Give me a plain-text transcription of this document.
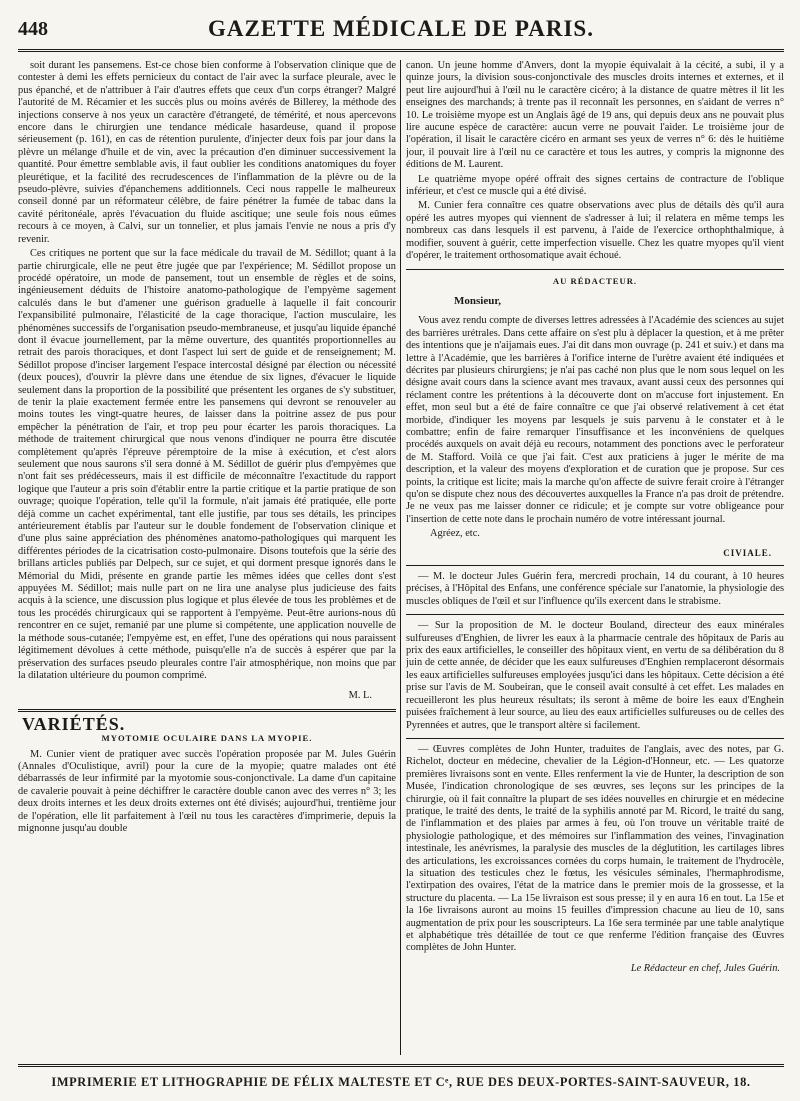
448	GAZETTE MÉDICALE DE PARIS.

soit durant les pansemens. Est-ce chose bien conforme à l'observation clinique que de contester à demi les effets pernicieux du contact de l'air avec la surface pleurale, avec le pus épanché, et de n'attribuer à l'air d'autres effets que ceux d'un corps étranger? Malgré l'autorité de M. Récamier et les succès plus ou moins avérés de Billerey, la méthode des injections conserve à nos yeux un caractère d'étrangeté, de témérité, et nous apercevons encore dans le chirurgien une tendance médicale hasardeuse, quand il propose sérieusement (p. 161), en cas de rétention purulente, d'injecter deux fois par jour dans la plèvre un mélange d'huile et de vin, avec la précaution d'en diminuer successivement la quantité. Pour émettre semblable avis, il faut oublier les conditions anatomiques du foyer pleurétique, et la facilité des recrudescences de l'inflammation de la plèvre ou de la pseudo-plèvre, suivies d'épanchemens additionnels. Ceci nous rappelle le malheureux conseil donné par un réformateur célèbre, de faire pénétrer la fumée de tabac dans la cavité péritonéale, après l'évacuation du fluide ascitique; une seule fois nous eûmes recours à ce moyen, à Calvi, sur un tonnelier, et plus jamais l'envie ne nous a pris d'y revenir.

Ces critiques ne portent que sur la face médicale du travail de M. Sédillot; quant à la partie chirurgicale, elle ne peut être jugée que par l'expérience; M. Sédillot propose un procédé opératoire, un mode de pansement, tout un ensemble de règles et de soins, ingénieusement déduits de l'histoire anatomo-pathologique de l'empyème sagement calculés dans le but d'amener une guérison graduelle à laquelle il fait concourir l'expansibilité pulmonaire, l'élasticité de la cage thoracique, l'action musculaire, les phénomènes successifs de l'organisation pseudo-membraneuse, et jusqu'au liquide épanché dont il évacue journellement, par la même ouverture, des quantités proportionnelles au retrait des parois thoraciques, et dont l'aspect lui sert de guide et de renseignement; M. Sédillot propose d'inciser largement l'espace intercostal désigné par élection ou nécessité (deux pouces), d'ouvrir la plèvre dans une étendue de six lignes, d'évacuer le liquide seulement dans la proportion de la possibilité que présentent les organes de s'y substituer, de tenir la plaie exactement fermée entre les pansemens qui devront se renouveler au moins toutes les vingt-quatre heures, de laisser dans la poitrine assez de pus pour empêcher la pénétration de l'air, et trop peu pour écarter les parois thoraciques. La méthode de traitement chirurgical que nous venons d'indiquer ne pourra être discutée complètement qu'après l'épreuve péremptoire de la mise à exécution, et c'est alors seulement que nous saurons s'il sera donné à M. Sédillot de guérir plus d'empyèmes que n'ont fait ses prédécesseurs, mais il est difficile de méconnaître l'exactitude du rapport logique que l'auteur a pris soin d'établir entre la partie critique et la partie pratique de son ouvrage; quoique l'opération, telle qu'il la formule, n'ait jamais été pratiquée, elle porte déjà comme un cachet expérimental, tant elle justifie, par tous ses détails, les principes antérieurement établis par l'auteur sur le double fondement de l'observation clinique et d'une plus saine appréciation des phénomènes anatomo-pathologiques qui marquent les différentes périodes de la cicatrisation costo-pulmonaire. Disons toutefois que la série des brillans articles publiés par Delpech, sur ce sujet, et qui dorment presque ignorés dans le Mémorial du Midi, présente en grande partie les mêmes idées que celles dont s'est appuyées M. Sédillot; mais nulle part on ne lira une analyse plus judicieuse des faits acquis à la science, une discussion plus logique et plus élevée de tous les problèmes et de tous les procédés chirurgicaux qui se rapportent à l'empyème. Peut-être aurions-nous dû rencontrer en ce sujet, remanié par une plume si compétente, une application nouvelle de la méthode sous-cutanée; l'empyème est, en effet, l'une des opérations qui nous paraissent légitimement dévolues à cette méthode, puisqu'elle n'a de succès à espérer que par la préservation des surfaces pseudo pleurales contre l'air atmosphérique, non moins que par la dilatation ultérieure du poumon comprimé.

M. L.
VARIÉTÉS.
MYOTOMIE OCULAIRE DANS LA MYOPIE.

M. Cunier vient de pratiquer avec succès l'opération proposée par M. Jules Guérin (Annales d'Oculistique, avril) pour la cure de la myopie; quatre malades ont été débarrassés de leur infirmité par la myotomie sous-conjonctivale. La dame d'un capitaine de cavalerie pouvait à peine déchiffrer le caractère double canon avec des verres n° 3; les deux droits internes et les deux droits externes ont été divisés; aujourd'hui, trentième jour de l'opération, elle lit parfaitement à l'œil nu tous les caractères d'imprimerie, depuis la mignonne jusqu'au double

canon. Un jeune homme d'Anvers, dont la myopie équivalait à la cécité, a subi, il y a quinze jours, la division sous-conjonctivale des muscles droits internes et externes, et il peut lire aujourd'hui à l'œil nu le caractère cicéro; à la distance de quatre mètres il lit les enseignes des marchands; à trente pas il reconnaît les personnes, en s'aidant de verres n° 10. Le troisième myope est un Anglais âgé de 19 ans, qui depuis deux ans ne pouvait plus lire aucune espèce de caractère: aucun verre ne pouvait l'aider. Le troisième jour de l'opération, il lisait le caractère cicéro en armant ses yeux de verres n° 6: dès le huitième jour, il pouvait lire à l'œil nu ce caractère et tous les autres, y compris la mignonne des éditions de M. Laurent.

Le quatrième myope opéré offrait des signes certains de contracture de l'oblique inférieur, et c'est ce muscle qui a été divisé.

M. Cunier fera connaître ces quatre observations avec plus de détails dès qu'il aura opéré les autres myopes qui viennent de s'adresser à lui; il relatera en même temps les nombreux cas dans lesquels il est parvenu, à l'aide de l'exercice orthophthalmique, à modifier, souvent à guérir, cette imperfection visuelle. Chez les quatre myopes qu'il vient d'opérer, le traitement orthosomatique avait échoué.

AU RÉDACTEUR.
Monsieur,

Vous avez rendu compte de diverses lettres adressées à l'Académie des sciences au sujet des barrières urétrales. Dans cette affaire on s'est plu à déplacer la question, et à me prêter des intentions que je n'aijamais eues. J'ai dit dans mon ouvrage (p. 241 et suiv.) et dans ma lettre à l'Académie, que les barrières à l'orifice interne de l'urètre avaient été indiquées et décrites par plusieurs chirurgiens; je n'ai pas caché non plus que le nom sous lequel on les désigne avait cours dans la science avant mes travaux, avant aussi ceux des personnes qui réclament contre les prétentions à la découverte dont on m'accuse fort injustement. En effet, mon seul but a été de faire connaître ce que j'ai observé relativement à cet état morbide, d'indiquer les moyens par lesquels je suis parvenu à le constater et à le combattre; enfin de faire remarquer l'insuffisance et les inconvéniens de quelques procédés auxquels on avait déjà eu recours, notamment des ponctions avec le perforateur de M. Stafford. Voilà ce que j'ai fait. C'est aux praticiens à juger le mérite de ma description, et la valeur des moyens d'exploration et de curation que je propose. Sur ces points, la critique est licite; mais la marche qu'on affecte de suivre ferait croire à l'étranger qu'on se dispute chez nous des découvertes auxquelles la France n'a pas droit de prétendre. Je ne veux pas me laisser donner ce ridicule; et je compte sur votre obligeance pour l'insertion de cette note dans le prochain numéro de votre intéressant journal.

Agréez, etc.
CIVIALE.

— M. le docteur Jules Guérin fera, mercredi prochain, 14 du courant, à 10 heures précises, à l'Hôpital des Enfans, une conférence spéciale sur l'anatomie, la physiologie des muscles obliques de l'œil et sur l'influence qu'ils exercent dans le strabisme.

— Sur la proposition de M. le docteur Bouland, directeur des eaux minérales sulfureuses d'Enghien, de livrer les eaux à la pharmacie centrale des hôpitaux de Paris au prix des eaux artificielles, le conseiller des hôpitaux vient, en vertu de sa délibération du 8 juin de cette année, de décider que les eaux sulfureuses d'Enghien remplaceront désormais les eaux artificielles sulfureuses employées jusqu'ici dans les hôpitaux. Cette décision a été prise sur l'avis de M. Soubeiran, que le conseil avait consulté à cet effet. Les malades en recueilleront les plus heureux résultats; ils seront à même de boire les eaux d'Enghein puisées fraîchement à leur source, au lieu des eaux artificielles sulfureuses ou de celles des Pyrennées et autres, que le transport altère si facilement.

— Œuvres complètes de John Hunter, traduites de l'anglais, avec des notes, par G. Richelot, docteur en médecine, chevalier de la Légion-d'Honneur, etc. — Les quatorze premières livraisons sont en vente. Elles renferment la vie de Hunter, la description de son Musée, l'indication chronologique de ses œuvres, ses leçons sur les principes de la chirurgie, où il fait connaître la plupart de ses idées nouvelles en chirurgie et en médecine pratique, le traité des dents, le traité de la syphilis annoté par M. Ricord, le traité du sang, de l'inflammation et des plaies par armes à feu, où l'on trouve un véritable traité de physiologie pathologique, et des mémoires sur l'inflammation des veines, l'invagination intestinale, les anévrismes, la paralysie des muscles de la déglutition, les cartilages libres des articulations, les excroissances cornées du corps humain, le traitement de l'hydrocèle, la situation des testicules chez le fœtus, les vésicules séminales, l'hermaphrodisme, l'extirpation des ovaires, l'état de la matrice dans le premier mois de la grossesse, et la structure du placenta. — La 15e livraison est sous presse; il y en aura 16 en tout. La 15e et la 16e livraisons auront au moins 15 feuilles d'impression chacune au lieu de 10, sans augmentation de prix pour les souscripteurs. La 16e sera terminée par une table analytique et alphabétique très détaillée de tout ce que renferme l'édition française des Œuvres complètes de John Hunter.

Le Rédacteur en chef, Jules Guérin.
IMPRIMERIE ET LITHOGRAPHIE DE FÉLIX MALTESTE ET Cᵉ, RUE DES DEUX-PORTES-SAINT-SAUVEUR, 18.
